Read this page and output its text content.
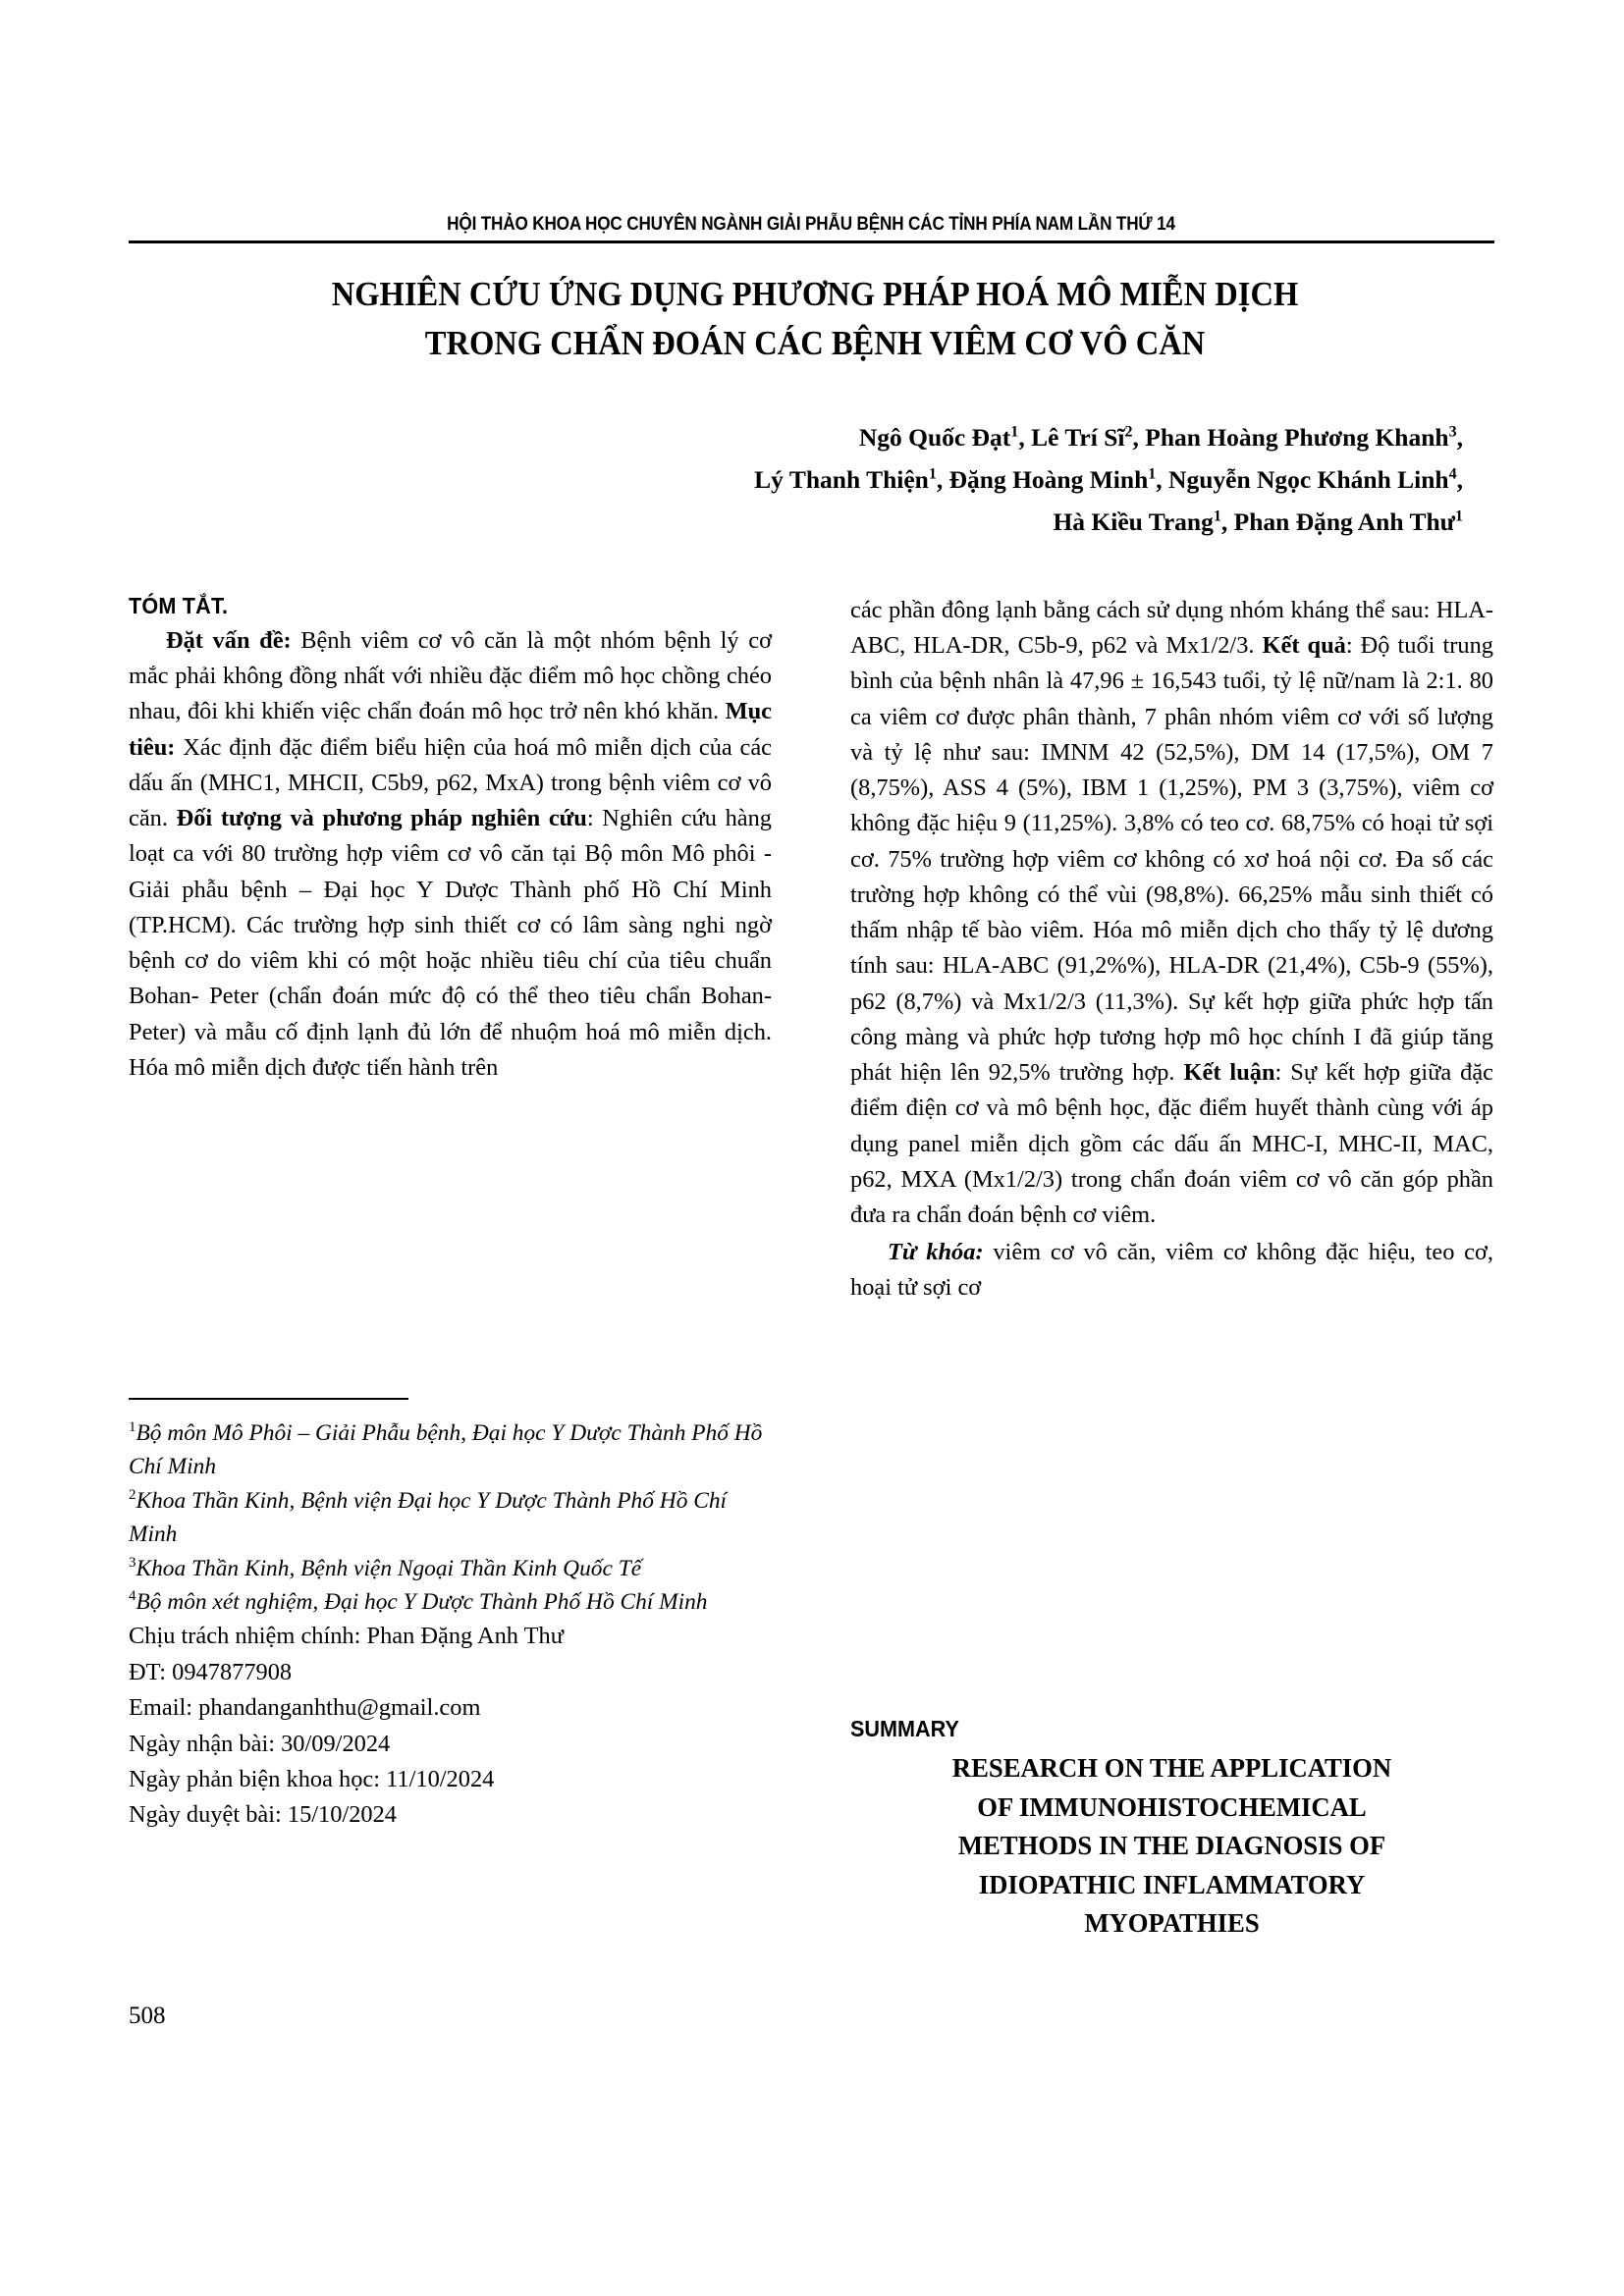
HỘI THẢO KHOA HỌC CHUYÊN NGÀNH GIẢI PHẪU BỆNH CÁC TỈNH PHÍA NAM LẦN THỨ 14
NGHIÊN CỨU ỨNG DỤNG PHƯƠNG PHÁP HOÁ MÔ MIỄN DỊCH
TRONG CHẨN ĐOÁN CÁC BỆNH VIÊM CƠ VÔ CĂN
Ngô Quốc Đạt$^1$, Lê Trí $Sĩ^2$, Phan Hoàng Phương Khanh$^3$,
Lý Thanh Thiện$^1$, Đặng Hoàng Minh$^1$, Nguyễn Ngọc Khánh Linh$^4$,
Hà Kiều Trang$^1$, Phan Đặng Anh Thư$^1$
TÓM TẮT.

Đặt vấn đề: Bệnh viêm cơ vô căn là một nhóm bệnh lý cơ mắc phải không đồng nhất với nhiều đặc điểm mô học chồng chéo nhau, đôi khi khiến việc chẩn đoán mô học trở nên khó khăn. Mục tiêu: Xác định đặc điểm biểu hiện của hoá mô miễn dịch của các dấu ấn (MHC1, MHCII, C5b9, p62, MxA) trong bệnh viêm cơ vô căn. Đối tượng và phương pháp nghiên cứu: Nghiên cứu hàng loạt ca với 80 trường hợp viêm cơ vô căn tại Bộ môn Mô phôi - Giải phẫu bệnh – Đại học Y Dược Thành phố Hồ Chí Minh (TP.HCM). Các trường hợp sinh thiết cơ có lâm sàng nghi ngờ bệnh cơ do viêm khi có một hoặc nhiều tiêu chí của tiêu chuẩn Bohan- Peter (chẩn đoán mức độ có thể theo tiêu chẩn Bohan-Peter) và mẫu cố định lạnh đủ lớn để nhuộm hoá mô miễn dịch. Hóa mô miễn dịch được tiến hành trên

$^1$Bộ môn Mô Phôi – Giải Phẫu bệnh, Đại học Y Dược Thành Phố Hồ Chí Minh

$^2$Khoa Thần Kinh, Bệnh viện Đại học Y Dược Thành Phố Hồ Chí Minh

$^3$Khoa Thần Kinh, Bệnh viện Ngoại Thần Kinh Quốc Tế

$^4$Bộ môn xét nghiệm, Đại học Y Dược Thành Phố Hồ Chí Minh

Chịu trách nhiệm chính: Phan Đặng Anh Thư

ĐT: 0947877908

Email: phandanganhthu@gmail.com

Ngày nhận bài: 30/09/2024

Ngày phản biện khoa học: 11/10/2024

Ngày duyệt bài: 15/10/2024

508

các phần đông lạnh bằng cách sử dụng nhóm kháng thể sau: HLA-ABC, HLA-DR, C5b-9, p62 và Mx1/2/3. Kết quả: Độ tuổi trung bình của bệnh nhân là 47,96 ± 16,543 tuổi, tỷ lệ nữ/nam là 2:1. 80 ca viêm cơ được phân thành, 7 phân nhóm viêm cơ với số lượng và tỷ lệ như sau: IMNM 42 (52,5%), DM 14 (17,5%), OM 7 (8,75%), ASS 4 (5%), IBM 1 (1,25%), PM 3 (3,75%), viêm cơ không đặc hiệu 9 (11,25%). 3,8% có teo cơ. 68,75% có hoại tử sợi cơ. 75% trường hợp viêm cơ không có xơ hoá nội cơ. Đa số các trường hợp không có thể vùi (98,8%). 66,25% mẫu sinh thiết có thấm nhập tế bào viêm. Hóa mô miễn dịch cho thấy tỷ lệ dương tính sau: HLA-ABC (91,2%%), HLA-DR (21,4%), C5b-9 (55%), p62 (8,7%) và Mx1/2/3 (11,3%). Sự kết hợp giữa phức hợp tấn công màng và phức hợp tương hợp mô học chính I đã giúp tăng phát hiện lên 92,5% trường hợp. Kết luận: Sự kết hợp giữa đặc điểm điện cơ và mô bệnh học, đặc điểm huyết thành cùng với áp dụng panel miễn dịch gồm các dấu ấn MHC-I, MHC-II, MAC, p62, MXA (Mx1/2/3) trong chẩn đoán viêm cơ vô căn góp phần đưa ra chẩn đoán bệnh cơ viêm.

Từ khóa: viêm cơ vô căn, viêm cơ không đặc hiệu, teo cơ, hoại tử sợi cơ

SUMMARY
RESEARCH ON THE APPLICATION
OF IMMUNOHISTOCHEMICAL
METHODS IN THE DIAGNOSIS OF
IDIOPATHIC INFLAMMATORY
MYOPATHIES
